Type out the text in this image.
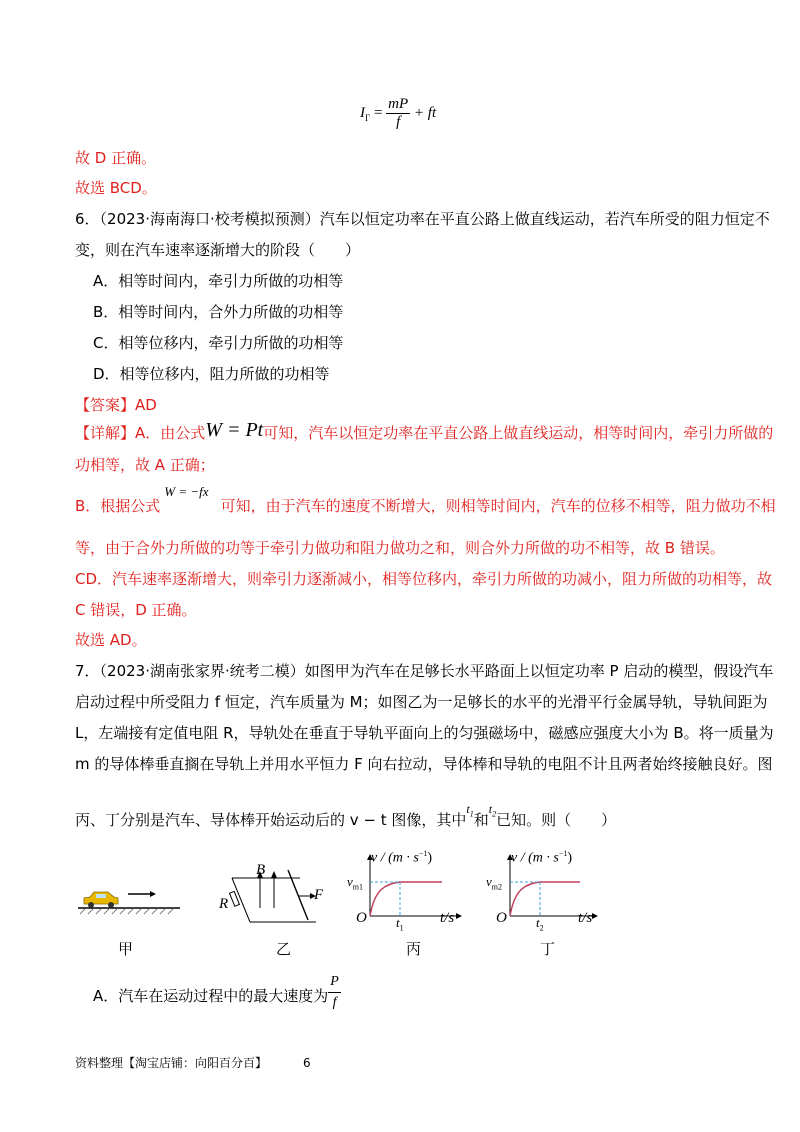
$I_\Gamma = \frac{mP}{f}$ + ft
故 D 正确。
故选 BCD。
6．（2023·海南海口·校考模拟预测）汽车以恒定功率在平直公路上做直线运动，若汽车所受的阻力恒定不
变，则在汽车速率逐渐增大的阶段（　　）
A．相等时间内，牵引力所做的功相等
B．相等时间内，合外力所做的功相等
C．相等位移内，牵引力所做的功相等
D．相等位移内，阻力所做的功相等
【答案】AD
【详解】A．由公式W = Pt可知，汽车以恒定功率在平直公路上做直线运动，相等时间内，牵引力所做的
功相等，故 A 正确；
B．根据公式W = −fx可知，由于汽车的速度不断增大，则相等时间内，汽车的位移不相等，阻力做功不相
等，由于合外力所做的功等于牵引力做功和阻力做功之和，则合外力所做的功不相等，故 B 错误。
CD．汽车速率逐渐增大，则牵引力逐渐减小，相等位移内，牵引力所做的功减小，阻力所做的功相等，故
C 错误，D 正确。
故选 AD。
7．（2023·湖南张家界·统考二模）如图甲为汽车在足够长水平路面上以恒定功率 P 启动的模型，假设汽车
启动过程中所受阻力 f 恒定，汽车质量为 M；如图乙为一足够长的水平的光滑平行金属导轨，导轨间距为
L，左端接有定值电阻 R，导轨处在垂直于导轨平面向上的匀强磁场中，磁感应强度大小为 B。将一质量为
m 的导体棒垂直搁在导轨上并用水平恒力 F 向右拉动，导体棒和导轨的电阻不计且两者始终接触良好。图
丙、丁分别是汽车、导体棒开始运动后的 v − t 图像，其中$^{t_1}$和$^{t_2}$已知。则（　　）
B
R
F
$v / (m \cdot s^{-1})$
$v_{m1}$
O $t_1$
t/s
$v / (m \cdot s^{-1})$
$v_{m2}$
O $t_2$
t/s
甲	乙	丙	丁
A．汽车在运动过程中的最大速度为 $\frac{P}{f}$
资料整理【淘宝店铺：向阳百分百】	6
